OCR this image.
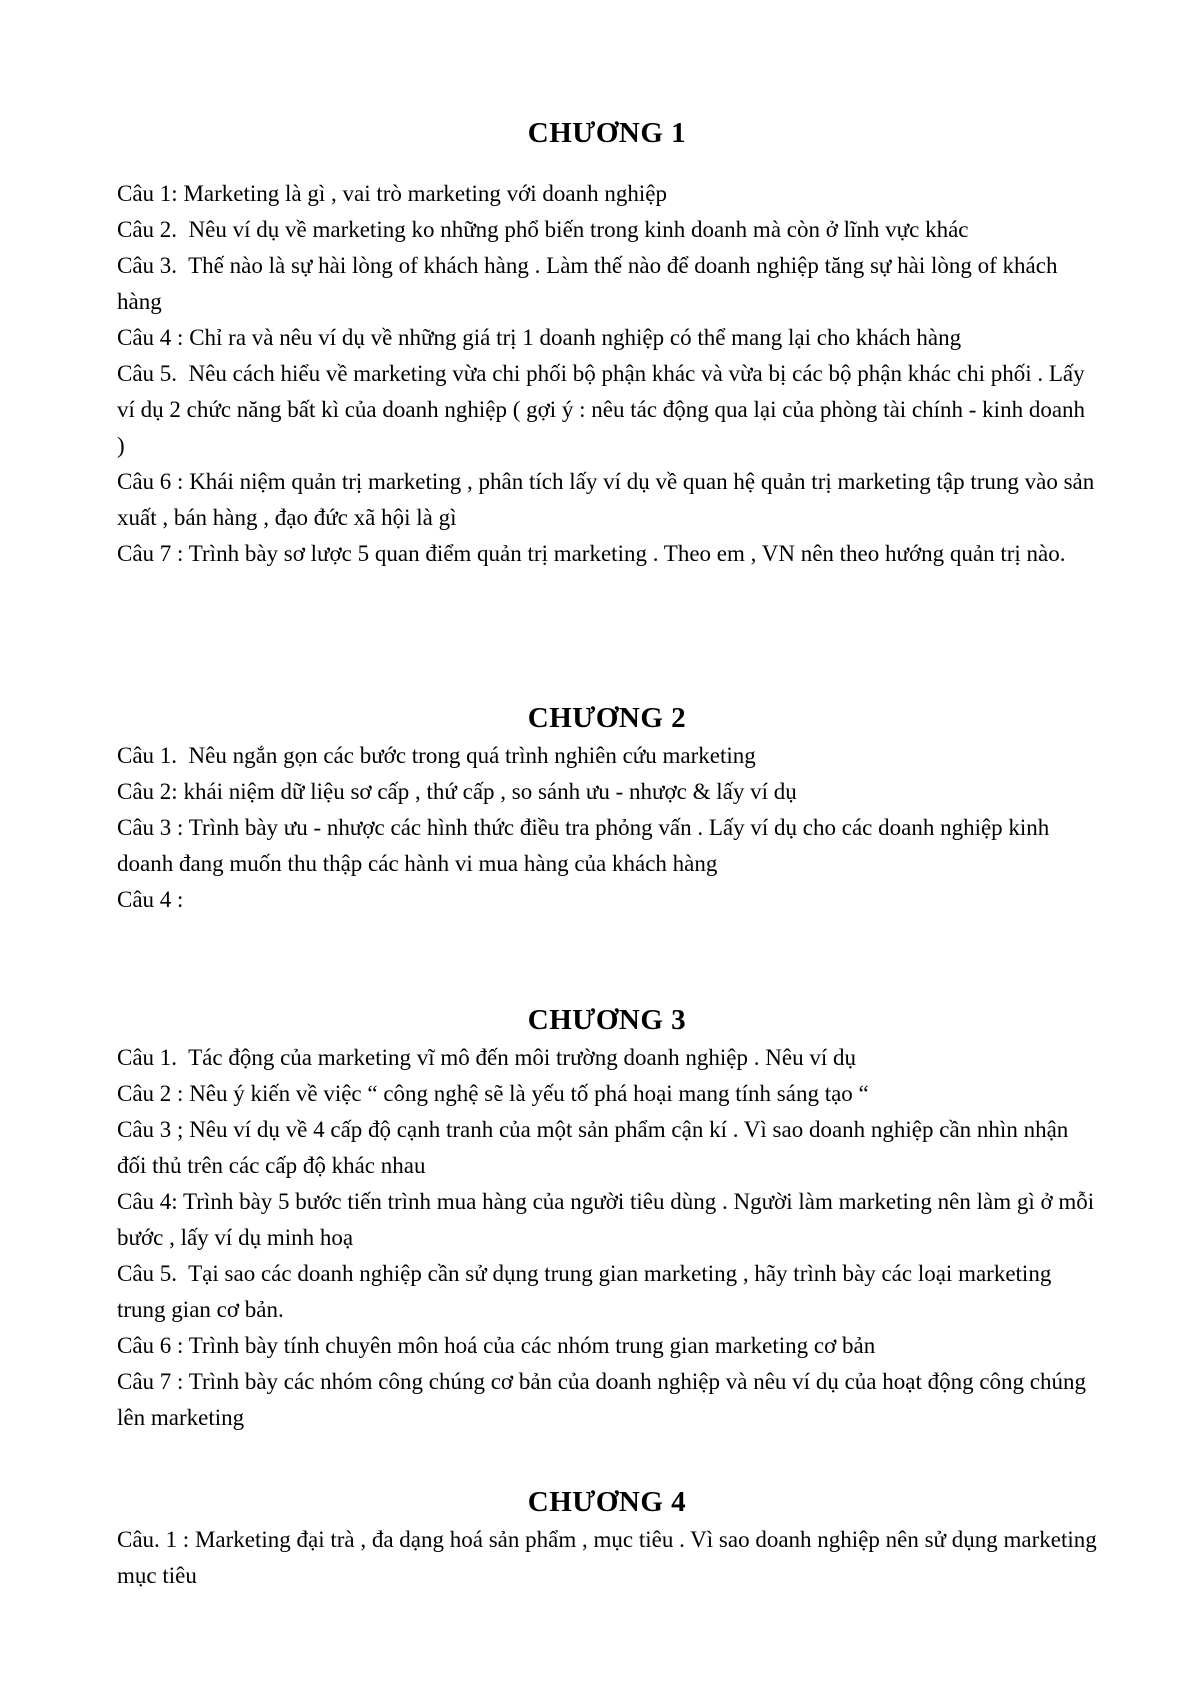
CHƯƠNG 1

Câu 1: Marketing là gì , vai trò marketing với doanh nghiệp

Câu 2.  Nêu ví dụ về marketing ko những phổ biến trong kinh doanh mà còn ở lĩnh vực khác

Câu 3.  Thế nào là sự hài lòng of khách hàng . Làm thế nào để doanh nghiệp tăng sự hài lòng of khách hàng

Câu 4 : Chỉ ra và nêu ví dụ về những giá trị 1 doanh nghiệp có thể mang lại cho khách hàng

Câu 5.  Nêu cách hiểu về marketing vừa chi phối bộ phận khác và vừa bị các bộ phận khác chi phối . Lấy ví dụ 2 chức năng bất kì của doanh nghiệp ( gợi ý : nêu tác động qua lại của phòng tài chính - kinh doanh )

Câu 6 : Khái niệm quản trị marketing , phân tích lấy ví dụ về quan hệ quản trị marketing tập trung vào sản xuất , bán hàng , đạo đức xã hội là gì

Câu 7 : Trình bày sơ lược 5 quan điểm quản trị marketing . Theo em , VN nên theo hướng quản trị nào.

CHƯƠNG 2

Câu 1.  Nêu ngắn gọn các bước trong quá trình nghiên cứu marketing

Câu 2: khái niệm dữ liệu sơ cấp , thứ cấp , so sánh ưu - nhược & lấy ví dụ

Câu 3 : Trình bày ưu - nhược các hình thức điều tra phỏng vấn . Lấy ví dụ cho các doanh nghiệp kinh doanh đang muốn thu thập các hành vi mua hàng của khách hàng

Câu 4 :

CHƯƠNG 3

Câu 1.  Tác động của marketing vĩ mô đến môi trường doanh nghiệp . Nêu ví dụ

Câu 2 : Nêu ý kiến về việc “ công nghệ sẽ là yếu tố phá hoại mang tính sáng tạo “

Câu 3 ; Nêu ví dụ về 4 cấp độ cạnh tranh của một sản phẩm cận kí . Vì sao doanh nghiệp cần nhìn nhận đối thủ trên các cấp độ khác nhau

Câu 4: Trình bày 5 bước tiến trình mua hàng của người tiêu dùng . Người làm marketing nên làm gì ở mỗi bước , lấy ví dụ minh hoạ

Câu 5.  Tại sao các doanh nghiệp cần sử dụng trung gian marketing , hãy trình bày các loại marketing trung gian cơ bản.

Câu 6 : Trình bày tính chuyên môn hoá của các nhóm trung gian marketing cơ bản

Câu 7 : Trình bày các nhóm công chúng cơ bản của doanh nghiệp và nêu ví dụ của hoạt động công chúng lên marketing

CHƯƠNG 4

Câu. 1 : Marketing đại trà , đa dạng hoá sản phẩm , mục tiêu . Vì sao doanh nghiệp nên sử dụng marketing mục tiêu
